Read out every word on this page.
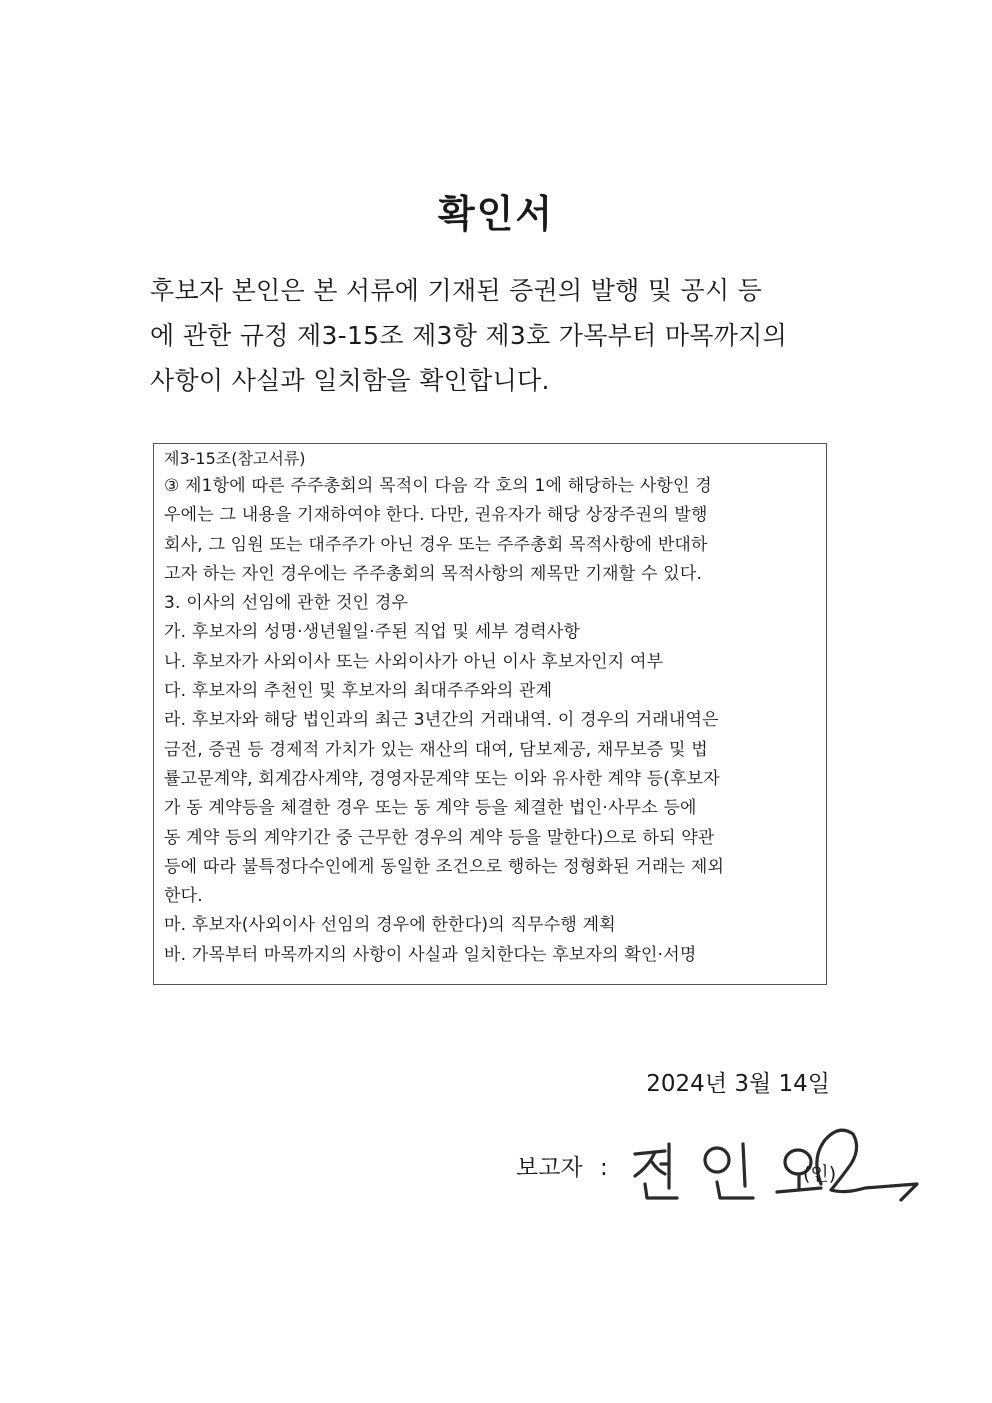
확인서
후보자 본인은 본 서류에 기재된 증권의 발행 및 공시 등
에 관한 규정 제3-15조 제3항 제3호 가목부터 마목까지의
사항이 사실과 일치함을 확인합니다.
제3-15조(참고서류)
③ 제1항에 따른 주주총회의 목적이 다음 각 호의 1에 해당하는 사항인 경
우에는 그 내용을 기재하여야 한다. 다만, 권유자가 해당 상장주권의 발행
회사, 그 임원 또는 대주주가 아닌 경우 또는 주주총회 목적사항에 반대하
고자 하는 자인 경우에는 주주총회의 목적사항의 제목만 기재할 수 있다.
3. 이사의 선임에 관한 것인 경우
가. 후보자의 성명·생년월일·주된 직업 및 세부 경력사항
나. 후보자가 사외이사 또는 사외이사가 아닌 이사 후보자인지 여부
다. 후보자의 추천인 및 후보자의 최대주주와의 관계
라. 후보자와 해당 법인과의 최근 3년간의 거래내역. 이 경우의 거래내역은
금전, 증권 등 경제적 가치가 있는 재산의 대여, 담보제공, 채무보증 및 법
률고문계약, 회계감사계약, 경영자문계약 또는 이와 유사한 계약 등(후보자
가 동 계약등을 체결한 경우 또는 동 계약 등을 체결한 법인·사무소 등에
동 계약 등의 계약기간 중 근무한 경우의 계약 등을 말한다)으로 하되 약관
등에 따라 불특정다수인에게 동일한 조건으로 행하는 정형화된 거래는 제외
한다.
마. 후보자(사외이사 선임의 경우에 한한다)의 직무수행 계획
바. 가목부터 마목까지의 사항이 사실과 일치한다는 후보자의 확인·서명

2024년 3월 14일

보고자 :	(인)
